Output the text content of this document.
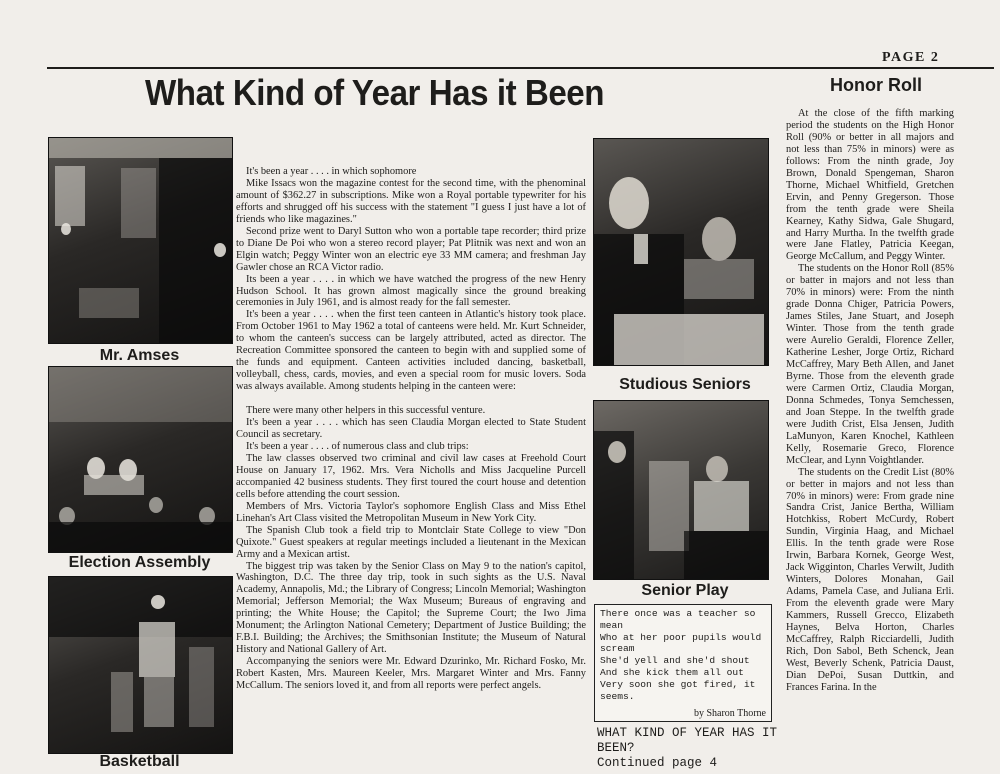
PAGE 2
What Kind of Year Has it Been	Honor Roll
Mr. Amses
Election Assembly
Basketball

It's been a year . . . . in which sophomore

Mike Issacs won the magazine contest for the second time, with the phenominal amount of $362.27 in subscriptions. Mike won a Royal portable typewriter for his efforts and shrugged off his success with the statement "I guess I just have a lot of friends who like magazines."

Second prize went to Daryl Sutton who won a portable tape recorder; third prize to Diane De Poi who won a stereo record player; Pat Plitnik was next and won an Elgin watch; Peggy Winter won an electric eye 33 MM camera; and freshman Jay Gawler chose an RCA Victor radio.

Its been a year . . . . in which we have watched the progress of the new Henry Hudson School. It has grown almost magically since the ground breaking ceremonies in July 1961, and is almost ready for the fall semester.

It's been a year . . . . when the first teen canteen in Atlantic's history took place. From October 1961 to May 1962 a total of canteens were held. Mr. Kurt Schneider, to whom the canteen's success can be largely attributed, acted as director. The Recreation Committee sponsored the canteen to begin with and supplied some of the funds and equipment. Canteen activities included dancing, basketball, volleyball, chess, cards, movies, and even a special room for music lovers. Soda was always available. Among students helping in the canteen were:

There were many other helpers in this successful venture.

It's been a year . . . . which has seen Claudia Morgan elected to State Student Council as secretary.

It's been a year . . . . of numerous class and club trips:

The law classes observed two criminal and civil law cases at Freehold Court House on January 17, 1962. Mrs. Vera Nicholls and Miss Jacqueline Purcell accompanied 42 business students. They first toured the court house and detention cells before attending the court session.

Members of Mrs. Victoria Taylor's sophomore English Class and Miss Ethel Linehan's Art Class visited the Metropolitan Museum in New York City.

The Spanish Club took a field trip to Montclair State College to view "Don Quixote." Guest speakers at regular meetings included a lieutenant in the Mexican Army and a Mexican artist.

The biggest trip was taken by the Senior Class on May 9 to the nation's capitol, Washington, D.C. The three day trip, took in such sights as the U.S. Naval Academy, Annapolis, Md.; the Library of Congress; Lincoln Memorial; Washington Memorial; Jefferson Memorial; the Wax Museum; Bureaus of engraving and printing; the White House; the Capitol; the Supreme Court; the Iwo Jima Monument; the Arlington National Cemetery; Department of Justice Building; the F.B.I. Building; the Archives; the Smithsonian Institute; the Museum of Natural History and National Gallery of Art.

Accompanying the seniors were Mr. Edward Dzurinko, Mr. Richard Fosko, Mr. Robert Kasten, Mrs. Maureen Keeler, Mrs. Margaret Winter and Mrs. Fanny McCallum. The seniors loved it, and from all reports were perfect angels.

Studious Seniors
Senior Play
There once was a teacher so mean
Who at her poor pupils would scream
She'd yell and she'd shout
And she kick them all out
Very soon she got fired, it seems.
by Sharon Thorne
WHAT KIND OF YEAR HAS IT BEEN?
Continued page 4

At the close of the fifth marking period the students on the High Honor Roll (90% or better in all majors and not less than 75% in minors) were as follows: From the ninth grade, Joy Brown, Donald Spengeman, Sharon Thorne, Michael Whitfield, Gretchen Ervin, and Penny Gregerson. Those from the tenth grade were Sheila Kearney, Kathy Sidwa, Gale Shugard, and Harry Murtha. In the twelfth grade were Jane Flatley, Patricia Keegan, George McCallum, and Peggy Winter.

The students on the Honor Roll (85% or batter in majors and not less than 70% in minors) were: From the ninth grade Donna Chiger, Patricia Powers, James Stiles, Jane Stuart, and Joseph Winter. Those from the tenth grade were Aurelio Geraldi, Florence Zeller, Katherine Lesher, Jorge Ortiz, Richard McCaffrey, Mary Beth Allen, and Janet Byrne. Those from the eleventh grade were Carmen Ortiz, Claudia Morgan, Donna Schmedes, Tonya Semchessen, and Joan Steppe. In the twelfth grade were Judith Crist, Elsa Jensen, Judith LaMunyon, Karen Knochel, Kathleen Kelly, Rosemarie Greco, Florence McClear, and Lynn Voightlander.

The students on the Credit List (80% or better in majors and not less than 70% in minors) were: From grade nine Sandra Crist, Janice Bertha, William Hotchkiss, Robert McCurdy, Robert Sundin, Virginia Haag, and Michael Ellis. In the tenth grade were Rose Irwin, Barbara Kornek, George West, Jack Wigginton, Charles Verwilt, Judith Winters, Dolores Monahan, Gail Adams, Pamela Case, and Juliana Erli. From the eleventh grade were Mary Kammers, Russell Grecco, Elizabeth Haynes, Belva Horton, Charles McCaffrey, Ralph Ricciardelli, Judith Rich, Don Sabol, Beth Schenck, Jean West, Beverly Schenk, Patricia Daust, Dian DePoi, Susan Duttkin, and Frances Farina. In the
